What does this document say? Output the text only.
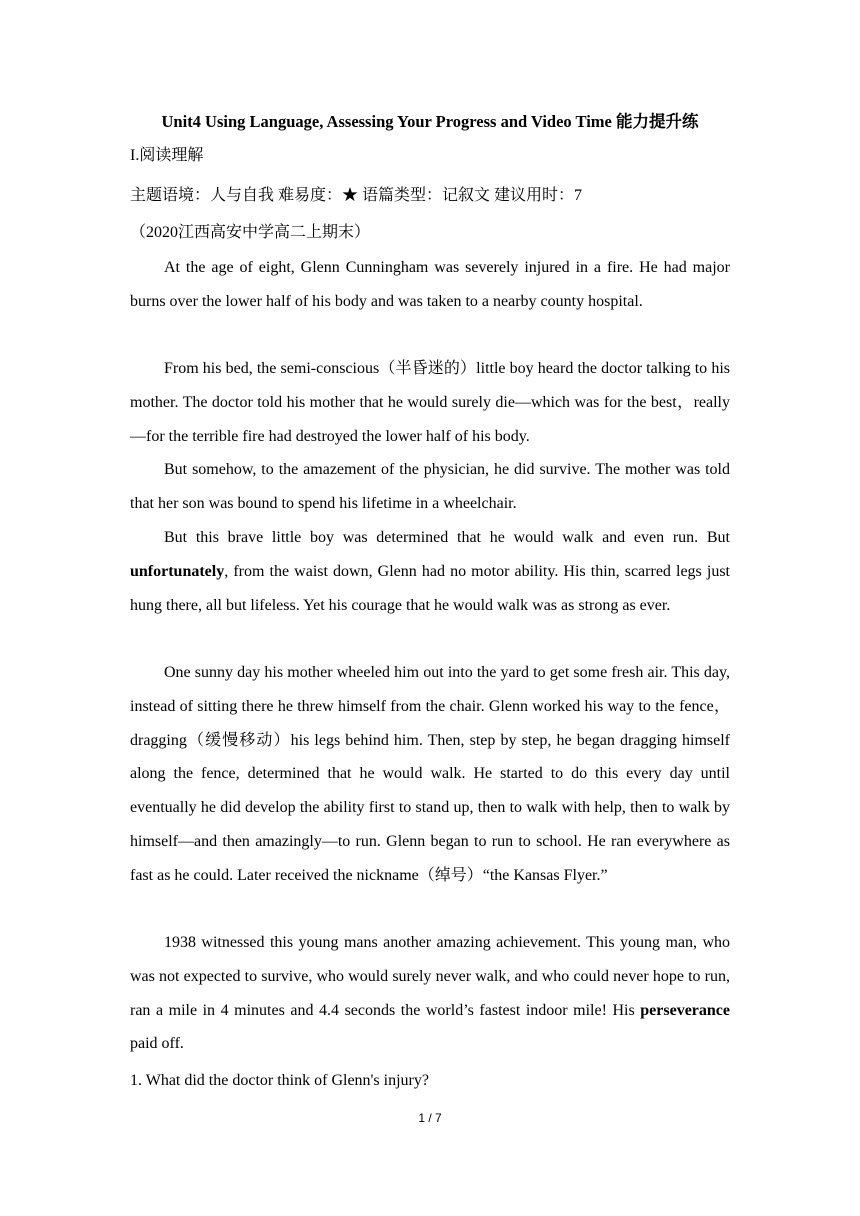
Unit4 Using Language, Assessing Your Progress and Video Time 能力提升练
I.阅读理解
主题语境：人与自我 难易度：★ 语篇类型：记叙文 建议用时：7
（2020江西高安中学高二上期末）

At the age of eight, Glenn Cunningham was severely injured in a fire. He had major burns over the lower half of his body and was taken to a nearby county hospital.

From his bed, the semi-conscious（半昏迷的）little boy heard the doctor talking to his mother. The doctor told his mother that he would surely die—which was for the best，really—for the terrible fire had destroyed the lower half of his body.

But somehow, to the amazement of the physician, he did survive. The mother was told that her son was bound to spend his lifetime in a wheelchair.

But this brave little boy was determined that he would walk and even run. But unfortunately, from the waist down, Glenn had no motor ability. His thin, scarred legs just hung there, all but lifeless. Yet his courage that he would walk was as strong as ever.

One sunny day his mother wheeled him out into the yard to get some fresh air. This day, instead of sitting there he threw himself from the chair. Glenn worked his way to the fence，dragging（缓慢移动）his legs behind him. Then, step by step, he began dragging himself along the fence, determined that he would walk. He started to do this every day until eventually he did develop the ability first to stand up, then to walk with help, then to walk by himself—and then amazingly—to run. Glenn began to run to school. He ran everywhere as fast as he could. Later received the nickname（绰号）“the Kansas Flyer.”

1938 witnessed this young mans another amazing achievement. This young man, who was not expected to survive, who would surely never walk, and who could never hope to run, ran a mile in 4 minutes and 4.4 seconds the world’s fastest indoor mile! His perseverance paid off.

1. What did the doctor think of Glenn's injury?
1 / 7
